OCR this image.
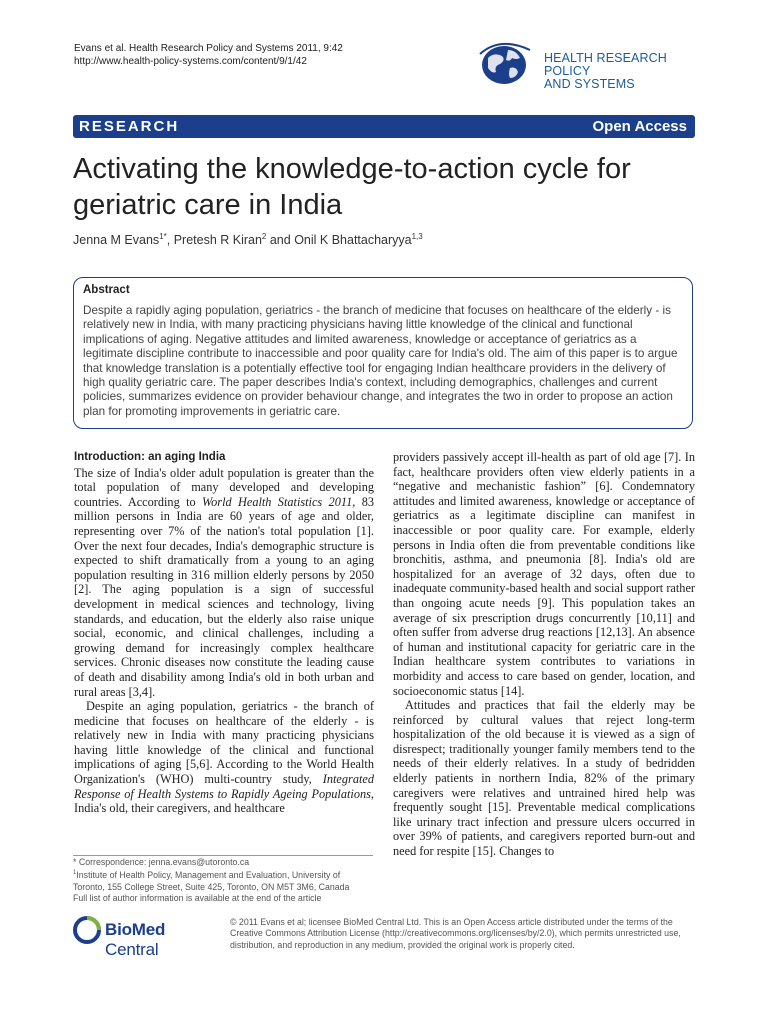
Evans et al. Health Research Policy and Systems 2011, 9:42
http://www.health-policy-systems.com/content/9/1/42	HEALTH RESEARCH POLICY
AND SYSTEMS
RESEARCH	Open Access
Activating the knowledge-to-action cycle for geriatric care in India
Jenna M Evans$^{1*}$, Pretesh R Kiran$^2$ and Onil K Bhattacharyya$^{1,3}$
Abstract
Despite a rapidly aging population, geriatrics - the branch of medicine that focuses on healthcare of the elderly - is relatively new in India, with many practicing physicians having little knowledge of the clinical and functional implications of aging. Negative attitudes and limited awareness, knowledge or acceptance of geriatrics as a legitimate discipline contribute to inaccessible and poor quality care for India's old. The aim of this paper is to argue that knowledge translation is a potentially effective tool for engaging Indian healthcare providers in the delivery of high quality geriatric care. The paper describes India's context, including demographics, challenges and current policies, summarizes evidence on provider behaviour change, and integrates the two in order to propose an action plan for promoting improvements in geriatric care.
Introduction: an aging India

The size of India's older adult population is greater than the total population of many developed and developing countries. According to World Health Statistics 2011, 83 million persons in India are 60 years of age and older, representing over 7% of the nation's total population [1]. Over the next four decades, India's demographic structure is expected to shift dramatically from a young to an aging population resulting in 316 million elderly persons by 2050 [2]. The aging population is a sign of successful development in medical sciences and technology, living standards, and education, but the elderly also raise unique social, economic, and clinical challenges, including a growing demand for increasingly complex healthcare services. Chronic diseases now constitute the leading cause of death and disability among India's old in both urban and rural areas [3,4].

Despite an aging population, geriatrics - the branch of medicine that focuses on healthcare of the elderly - is relatively new in India with many practicing physicians having little knowledge of the clinical and functional implications of aging [5,6]. According to the World Health Organization's (WHO) multi-country study, Integrated Response of Health Systems to Rapidly Ageing Populations, India's old, their caregivers, and healthcare

providers passively accept ill-health as part of old age [7]. In fact, healthcare providers often view elderly patients in a “negative and mechanistic fashion” [6]. Condemnatory attitudes and limited awareness, knowledge or acceptance of geriatrics as a legitimate discipline can manifest in inaccessible or poor quality care. For example, elderly persons in India often die from preventable conditions like bronchitis, asthma, and pneumonia [8]. India's old are hospitalized for an average of 32 days, often due to inadequate community-based health and social support rather than ongoing acute needs [9]. This population takes an average of six prescription drugs concurrently [10,11] and often suffer from adverse drug reactions [12,13]. An absence of human and institutional capacity for geriatric care in the Indian healthcare system contributes to variations in morbidity and access to care based on gender, location, and socioeconomic status [14].

Attitudes and practices that fail the elderly may be reinforced by cultural values that reject long-term hospitalization of the old because it is viewed as a sign of disrespect; traditionally younger family members tend to the needs of their elderly relatives. In a study of bedridden elderly patients in northern India, 82% of the primary caregivers were relatives and untrained hired help was frequently sought [15]. Preventable medical complications like urinary tract infection and pressure ulcers occurred in over 39% of patients, and caregivers reported burn-out and need for respite [15]. Changes to

* Correspondence: jenna.evans@utoronto.ca

$^1$Institute of Health Policy, Management and Evaluation, University of Toronto, 155 College Street, Suite 425, Toronto, ON M5T 3M6, Canada

Full list of author information is available at the end of the article

BioMed Central
© 2011 Evans et al; licensee BioMed Central Ltd. This is an Open Access article distributed under the terms of the Creative Commons Attribution License (http://creativecommons.org/licenses/by/2.0), which permits unrestricted use, distribution, and reproduction in any medium, provided the original work is properly cited.
